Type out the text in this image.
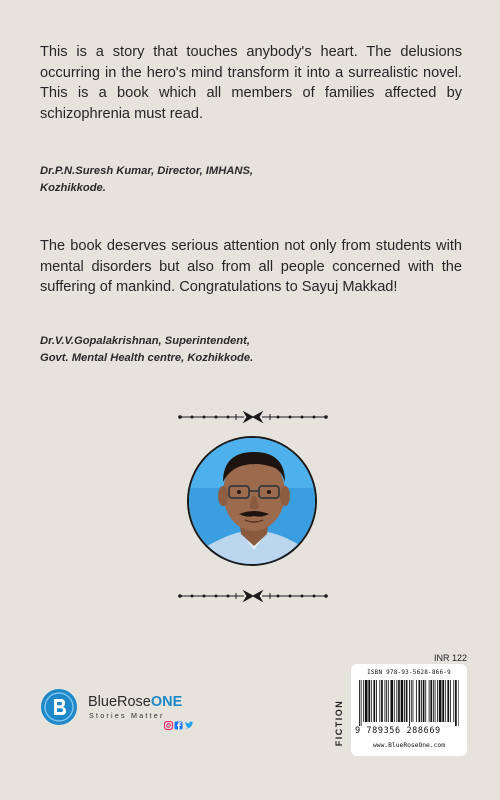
This is a story that touches anybody's heart. The delusions occurring in the hero's mind transform it into a surrealistic novel. This is a book which all members of families affected by schizophrenia must read.

Dr.P.N.Suresh Kumar, Director, IMHANS,
Kozhikkode.

The book deserves serious attention not only from students with mental disorders but also from all people concerned with the suffering of mankind. Congratulations to Sayuj Makkad!

Dr.V.V.Gopalakrishnan, Superintendent,
Govt. Mental Health centre, Kozhikkode.

BlueRoseONE
Stories Matter
INR 122
FICTION
ISBN 978-93-5628-866-9
9 789356 288669
www.BlueRoseOne.com
